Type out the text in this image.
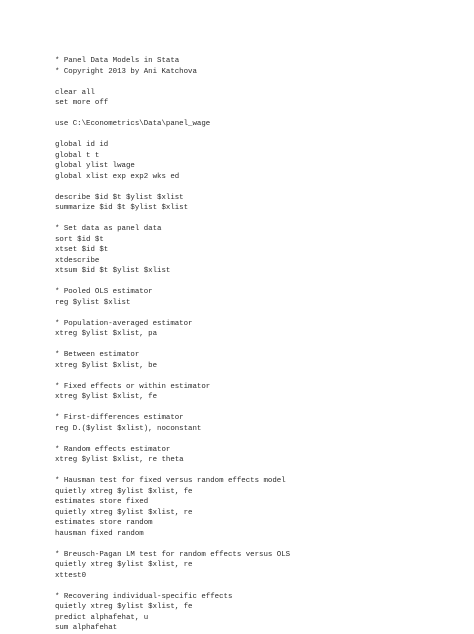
* Panel Data Models in Stata
* Copyright 2013 by Ani Katchova
clear all
set more off
use C:\Econometrics\Data\panel_wage
global id id
global t t
global ylist lwage
global xlist exp exp2 wks ed
describe $id $t $ylist $xlist
summarize $id $t $ylist $xlist
* Set data as panel data
sort $id $t
xtset $id $t
xtdescribe
xtsum $id $t $ylist $xlist
* Pooled OLS estimator
reg $ylist $xlist
* Population-averaged estimator
xtreg $ylist $xlist, pa
* Between estimator
xtreg $ylist $xlist, be
* Fixed effects or within estimator
xtreg $ylist $xlist, fe
* First-differences estimator
reg D.($ylist $xlist), noconstant
* Random effects estimator
xtreg $ylist $xlist, re theta
* Hausman test for fixed versus random effects model
quietly xtreg $ylist $xlist, fe
estimates store fixed
quietly xtreg $ylist $xlist, re
estimates store random
hausman fixed random
* Breusch-Pagan LM test for random effects versus OLS
quietly xtreg $ylist $xlist, re
xttest0
* Recovering individual-specific effects
quietly xtreg $ylist $xlist, fe
predict alphafehat, u
sum alphafehat
